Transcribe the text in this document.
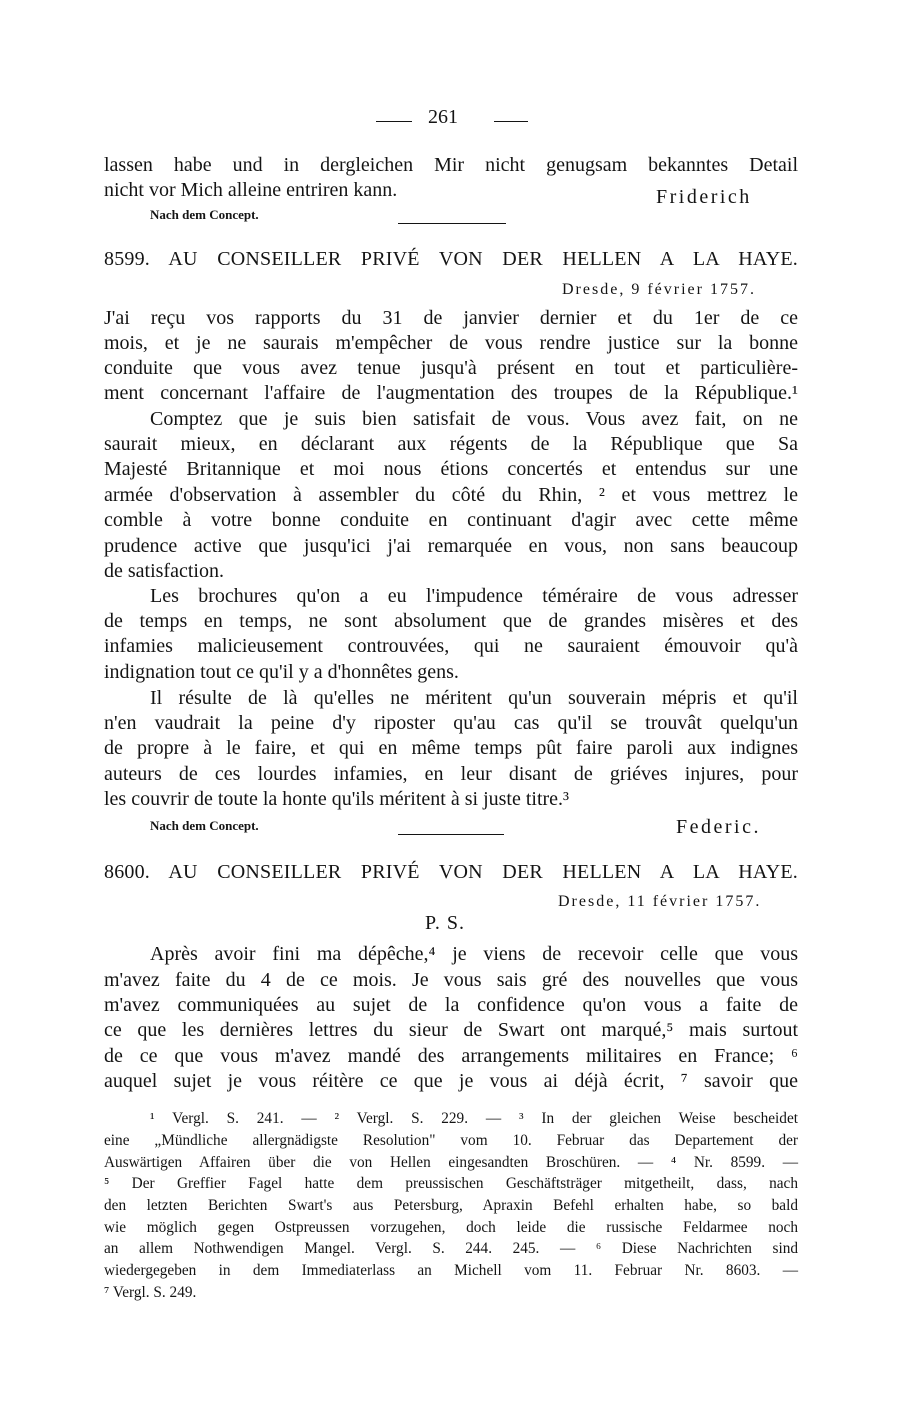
261
lassen habe und in dergleichen Mir nicht genugsam bekanntes Detail
nicht vor Mich alleine entriren kann.	Friderich
Nach dem Concept.
8599. AU CONSEILLER PRIVÉ VON DER HELLEN A LA HAYE.
Dresde, 9 février 1757.
J'ai reçu vos rapports du 31 de janvier dernier et du 1er de ce
mois, et je ne saurais m'empêcher de vous rendre justice sur la bonne
conduite que vous avez tenue jusqu'à présent en tout et particulière-
ment concernant l'affaire de l'augmentation des troupes de la République.¹
Comptez que je suis bien satisfait de vous. Vous avez fait, on ne
saurait mieux, en déclarant aux régents de la République que Sa
Majesté Britannique et moi nous étions concertés et entendus sur une
armée d'observation à assembler du côté du Rhin, ² et vous mettrez le
comble à votre bonne conduite en continuant d'agir avec cette même
prudence active que jusqu'ici j'ai remarquée en vous, non sans beaucoup
de satisfaction.
Les brochures qu'on a eu l'impudence téméraire de vous adresser
de temps en temps, ne sont absolument que de grandes misères et des
infamies malicieusement controuvées, qui ne sauraient émouvoir qu'à
indignation tout ce qu'il y a d'honnêtes gens.
Il résulte de là qu'elles ne méritent qu'un souverain mépris et qu'il
n'en vaudrait la peine d'y riposter qu'au cas qu'il se trouvât quelqu'un
de propre à le faire, et qui en même temps pût faire paroli aux indignes
auteurs de ces lourdes infamies, en leur disant de griéves injures, pour
les couvrir de toute la honte qu'ils méritent à si juste titre.³
Nach dem Concept.	Federic.
8600. AU CONSEILLER PRIVÉ VON DER HELLEN A LA HAYE.
Dresde, 11 février 1757.
P. S.
Après avoir fini ma dépêche,⁴ je viens de recevoir celle que vous
m'avez faite du 4 de ce mois. Je vous sais gré des nouvelles que vous
m'avez communiquées au sujet de la confidence qu'on vous a faite de
ce que les dernières lettres du sieur de Swart ont marqué,⁵ mais surtout
de ce que vous m'avez mandé des arrangements militaires en France; ⁶
auquel sujet je vous réitère ce que je vous ai déjà écrit, ⁷ savoir que
¹ Vergl. S. 241. — ² Vergl. S. 229. — ³ In der gleichen Weise bescheidet
eine „Mündliche allergnädigste Resolution" vom 10. Februar das Departement der
Auswärtigen Affairen über die von Hellen eingesandten Broschüren. — ⁴ Nr. 8599. —
⁵ Der Greffier Fagel hatte dem preussischen Geschäftsträger mitgetheilt, dass, nach
den letzten Berichten Swart's aus Petersburg, Apraxin Befehl erhalten habe, so bald
wie möglich gegen Ostpreussen vorzugehen, doch leide die russische Feldarmee noch
an allem Nothwendigen Mangel. Vergl. S. 244. 245. — ⁶ Diese Nachrichten sind
wiedergegeben in dem Immediaterlass an Michell vom 11. Februar Nr. 8603. —
⁷ Vergl. S. 249.
